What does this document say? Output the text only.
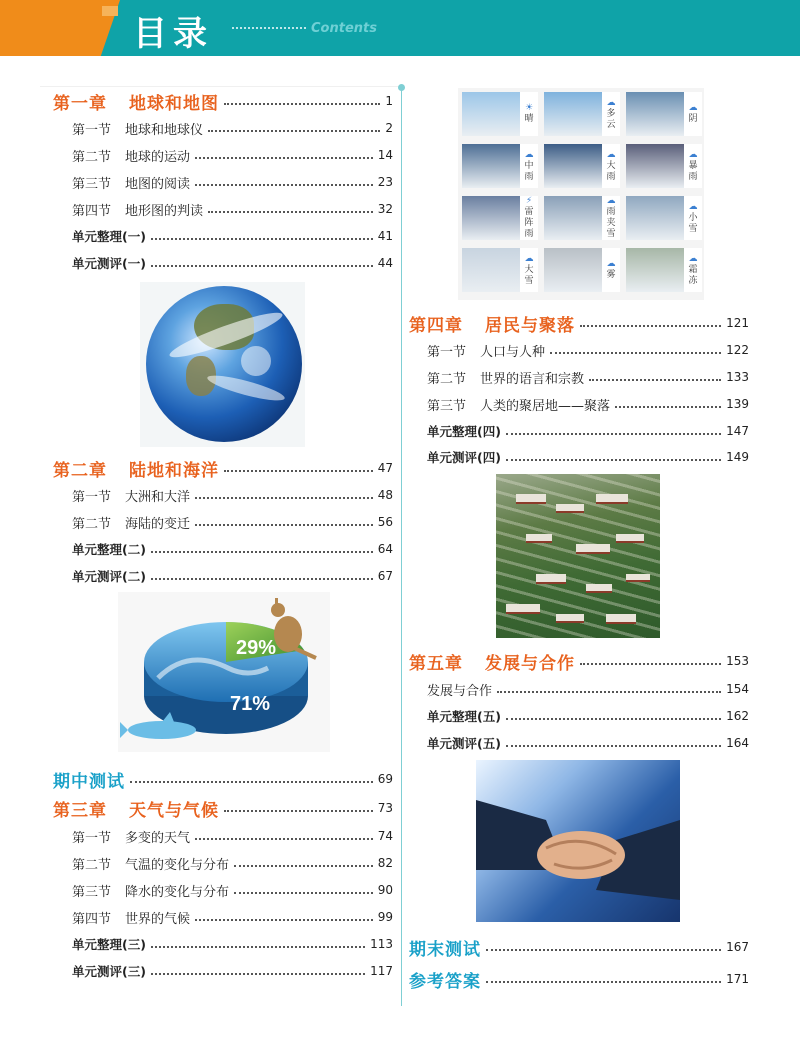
目录	Contents
第一章 地球和地图	1
第一节 地球和地球仪	2
第二节 地球的运动	14
第三节 地图的阅读	23
第四节 地形图的判读	32
单元整理(一)	41
单元测评(一)	44
第二章 陆地和海洋	47
第一节 大洲和大洋	48
第二节 海陆的变迁	56
单元整理(二)	64
单元测评(二)	67
期中测试	69
第三章 天气与气候	73
第一节 多变的天气	74
第二节 气温的变化与分布	82
第三节 降水的变化与分布	90
第四节 世界的气候	99
单元整理(三)	113
单元测评(三)	117
第四章 居民与聚落	121
第一节 人口与人种	122
第二节 世界的语言和宗教	133
第三节 人类的聚居地——聚落	139
单元整理(四)	147
单元测评(四)	149
第五章 发展与合作	153
发展与合作	154
单元整理(五)	162
单元测评(五)	164
期末测试	167
参考答案	171
29%
71%
☀
晴
☁
多云
☁
阴
☁
中雨
☁
大雨
☁
暴雨
⚡
雷阵雨
☁
雨夹雪
☁
小雪
☁
大雪
☁
雾
☁
霜冻
